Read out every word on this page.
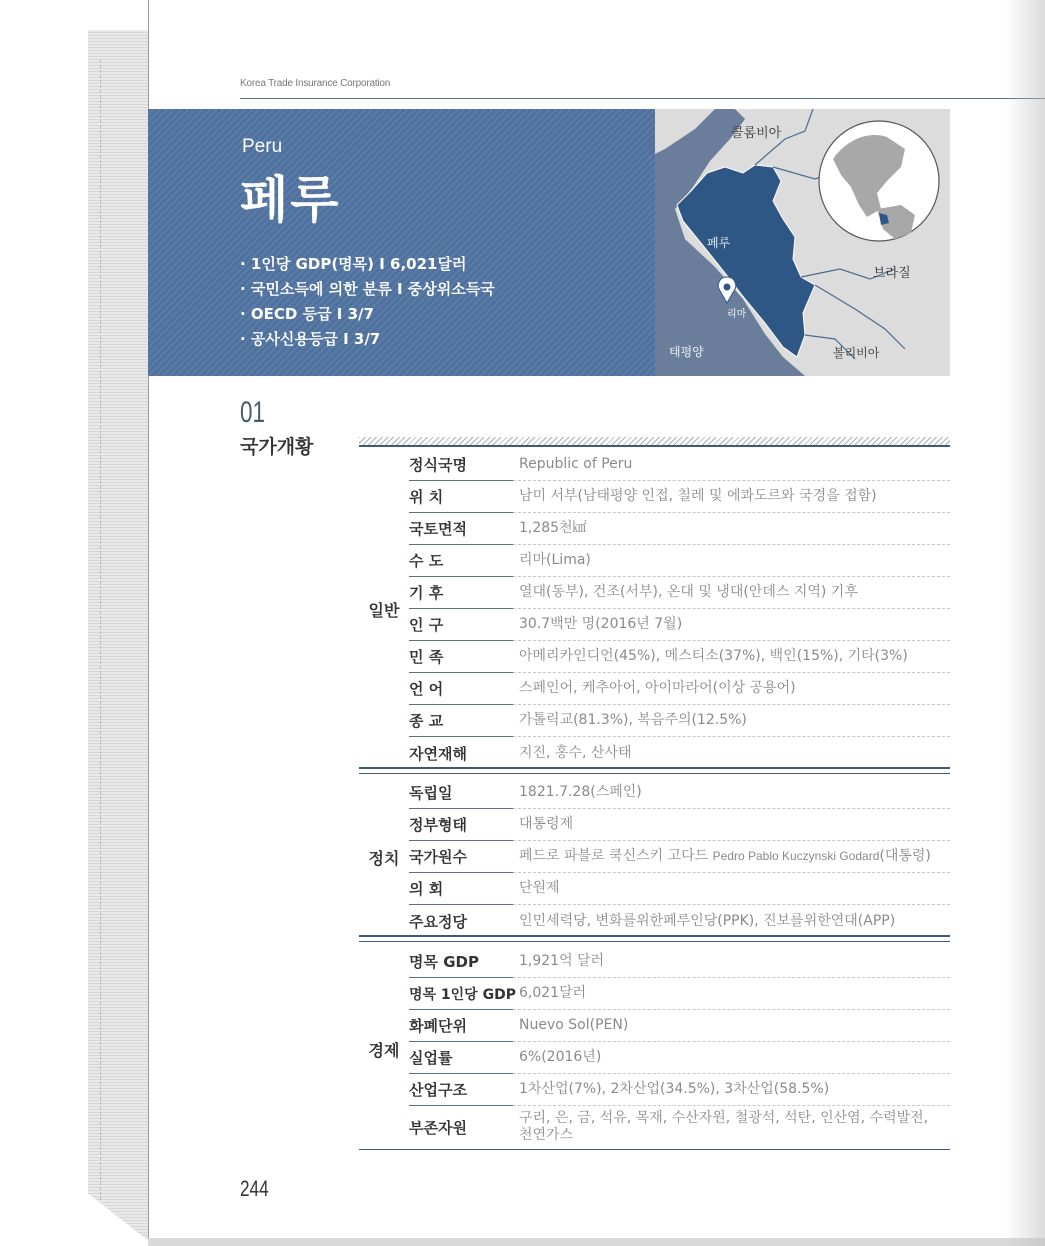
Korea Trade Insurance Corporation
Peru
페루
· 1인당 GDP(명목) Ⅰ 6,021달러
· 국민소득에 의한 분류 Ⅰ 중상위소득국
· OECD 등급 Ⅰ 3/7
· 공사신용등급 Ⅰ 3/7
콜롬비아
페루
브라질
리마
태평양	볼리비아
01
국가개황
일반
정식국명	Republic of Peru
위 치	남미 서부(남태평양 인접, 칠레 및 에콰도르와 국경을 접함)
국토면적	1,285천㎢
수 도	리마(Lima)
기 후	열대(동부), 건조(서부), 온대 및 냉대(안데스 지역) 기후
인 구	30.7백만 명(2016년 7월)
민 족	아메리카인디언(45%), 메스티소(37%), 백인(15%), 기타(3%)
언 어	스페인어, 케추아어, 아이마라어(이상 공용어)
종 교	가톨릭교(81.3%), 복음주의(12.5%)
자연재해	지진, 홍수, 산사태
정치
독립일	1821.7.28(스페인)
정부형태	대통령제
국가원수	페드로 파블로 쿡신스키 고다드
Pedro Pablo Kuczynski Godard (대통령)
의 회	단원제
주요정당	인민세력당, 변화를위한페루인당(PPK), 진보를위한연대(APP)
경제
명목 GDP	1,921억 달러
명목 1인당 GDP 6,021달러
화폐단위	Nuevo Sol(PEN)
실업률	6%(2016년)
산업구조	1차산업(7%), 2차산업(34.5%), 3차산업(58.5%)
부존자원
구리, 은, 금, 석유, 목재, 수산자원, 철광석, 석탄, 인산염, 수력발전,
천연가스
244
